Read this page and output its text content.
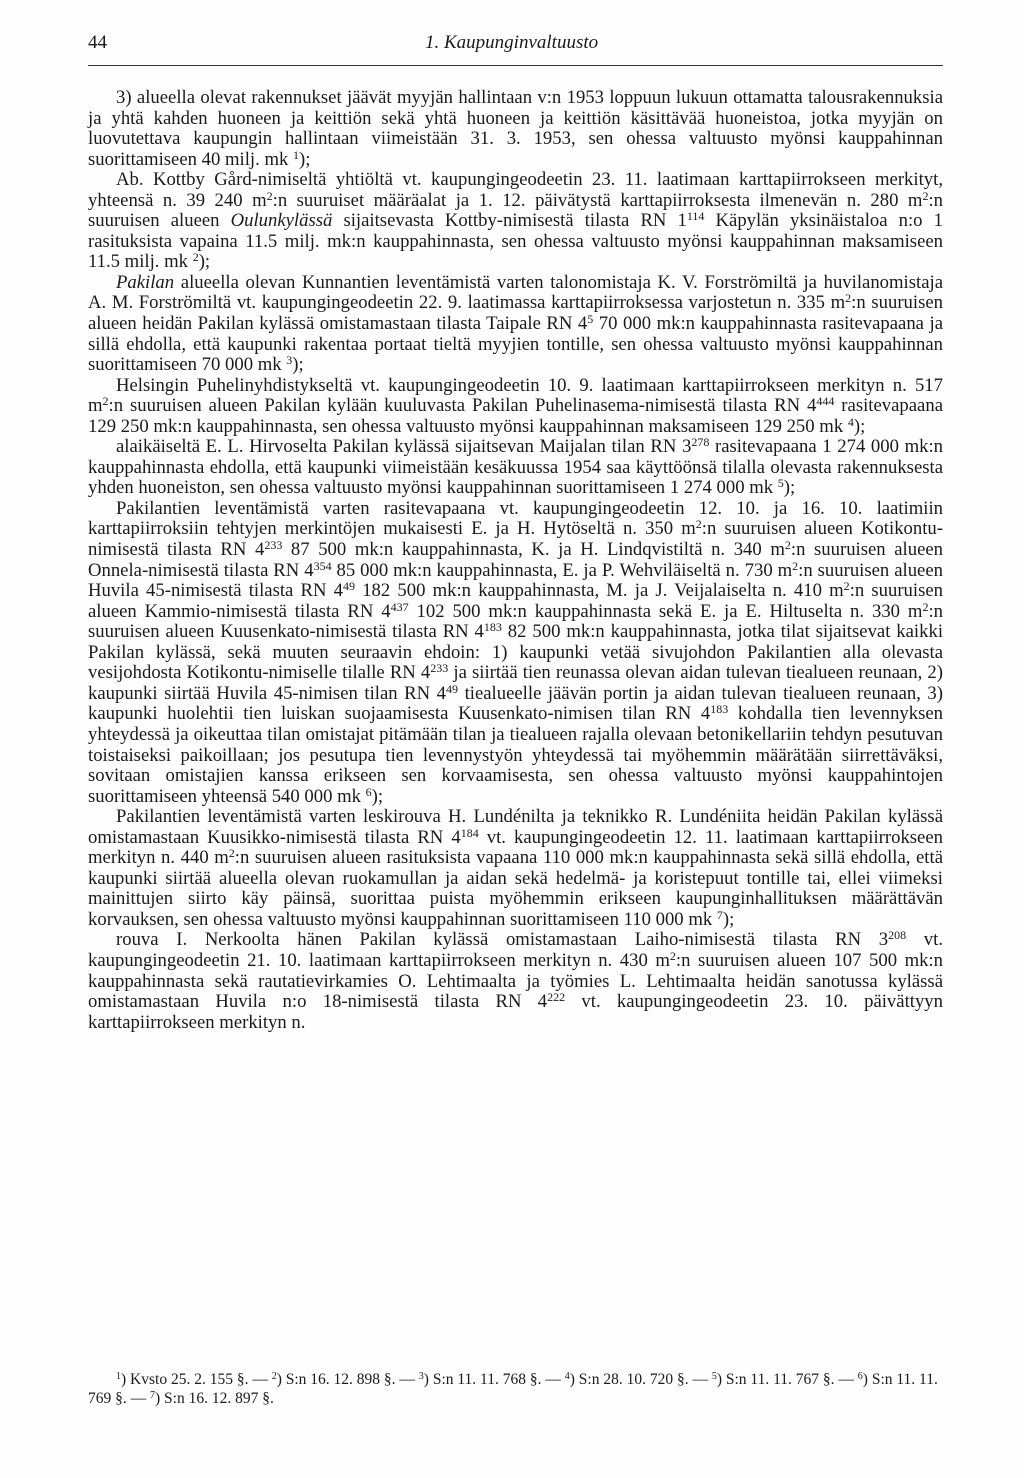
44	1. Kaupunginvaltuusto

3) alueella olevat rakennukset jäävät myyjän hallintaan v:n 1953 loppuun lukuun ottamatta talousrakennuksia ja yhtä kahden huoneen ja keittiön sekä yhtä huoneen ja keittiön käsittävää huoneistoa, jotka myyjän on luovutettava kaupungin hallintaan viimeistään 31. 3. 1953, sen ohessa valtuusto myönsi kauppahinnan suorittamiseen 40 milj. mk $^1$);

Ab. Kottby Gård-nimiseltä yhtiöltä vt. kaupungingeodeetin 23. 11. laatimaan karttapiirrokseen merkityt, yhteensä n. 39 240 $m^2:n$ suuruiset määräalat ja 1. 12. päivätystä karttapiirroksesta ilmenevän n. 280 $m^2:n$ suuruisen alueen Oulunkylässä sijaitsevasta Kottby-nimisestä tilasta RN $1^{114}$ Käpylän yksinäistaloa n:o 1 rasituksista vapaina 11.5 milj. mk:n kauppahinnasta, sen ohessa valtuusto myönsi kauppahinnan maksamiseen 11.5 milj. mk $^2$);

Pakilan alueella olevan Kunnantien leventämistä varten talonomistaja K. V. Forströmiltä ja huvilanomistaja A. M. Forströmiltä vt. kaupungingeodeetin 22. 9. laatimassa karttapiirroksessa varjostetun n. 335 $m^2:n$ suuruisen alueen heidän Pakilan kylässä omistamastaan tilasta Taipale RN $4^5$ 70 000 mk:n kauppahinnasta rasitevapaana ja sillä ehdolla, että kaupunki rakentaa portaat tieltä myyjien tontille, sen ohessa valtuusto myönsi kauppahinnan suorittamiseen 70 000 mk $^3$);

Helsingin Puhelinyhdistykseltä vt. kaupungingeodeetin 10. 9. laatimaan karttapiirrokseen merkityn n. 517 $m^2:n$ suuruisen alueen Pakilan kylään kuuluvasta Pakilan Puhelinasema-nimisestä tilasta RN $4^{444}$ rasitevapaana 129 250 mk:n kauppahinnasta, sen ohessa valtuusto myönsi kauppahinnan maksamiseen 129 250 mk $^4$);

alaikäiseltä E. L. Hirvoselta Pakilan kylässä sijaitsevan Maijalan tilan RN $3^{278}$ rasitevapaana 1 274 000 mk:n kauppahinnasta ehdolla, että kaupunki viimeistään kesäkuussa 1954 saa käyttöönsä tilalla olevasta rakennuksesta yhden huoneiston, sen ohessa valtuusto myönsi kauppahinnan suorittamiseen 1 274 000 mk $^5$);

Pakilantien leventämistä varten rasitevapaana vt. kaupungingeodeetin 12. 10. ja 16. 10. laatimiin karttapiirroksiin tehtyjen merkintöjen mukaisesti E. ja H. Hytöseltä n. 350 $m^2:n$ suuruisen alueen Kotikontu-nimisestä tilasta RN $4^{233}$ 87 500 mk:n kauppahinnasta, K. ja H. Lindqvistiltä n. 340 $m^2:n$ suuruisen alueen Onnela-nimisestä tilasta RN $4^{354}$ 85 000 mk:n kauppahinnasta, E. ja P. Wehviläiseltä n. 730 $m^2:n$ suuruisen alueen Huvila 45-nimisestä tilasta RN $4^{49}$ 182 500 mk:n kauppahinnasta, M. ja J. Veijalaiselta n. 410 $m^2:n$ suuruisen alueen Kammio-nimisestä tilasta RN $4^{437}$ 102 500 mk:n kauppahinnasta sekä E. ja E. Hiltuselta n. 330 $m^2:n$ suuruisen alueen Kuusenkato-nimisestä tilasta RN $4^{183}$ 82 500 mk:n kauppahinnasta, jotka tilat sijaitsevat kaikki Pakilan kylässä, sekä muuten seuraavin ehdoin: 1) kaupunki vetää sivujohdon Pakilantien alla olevasta vesijohdosta Kotikontu-nimiselle tilalle RN $4^{233}$ ja siirtää tien reunassa olevan aidan tulevan tiealueen reunaan, 2) kaupunki siirtää Huvila 45-nimisen tilan RN $4^{49}$ tiealueelle jäävän portin ja aidan tulevan tiealueen reunaan, 3) kaupunki huolehtii tien luiskan suojaamisesta Kuusenkato-nimisen tilan RN $4^{183}$ kohdalla tien levennyksen yhteydessä ja oikeuttaa tilan omistajat pitämään tilan ja tiealueen rajalla olevaan betonikellariin tehdyn pesutuvan toistaiseksi paikoillaan; jos pesutupa tien levennystyön yhteydessä tai myöhemmin määrätään siirrettäväksi, sovitaan omistajien kanssa erikseen sen korvaamisesta, sen ohessa valtuusto myönsi kauppahintojen suorittamiseen yhteensä 540 000 mk $^6$);

Pakilantien leventämistä varten leskirouva H. Lundénilta ja teknikko R. Lundéniita heidän Pakilan kylässä omistamastaan Kuusikko-nimisestä tilasta RN $4^{184}$ vt. kaupungingeodeetin 12. 11. laatimaan karttapiirrokseen merkityn n. 440 $m^2:n$ suuruisen alueen rasituksista vapaana 110 000 mk:n kauppahinnasta sekä sillä ehdolla, että kaupunki siirtää alueella olevan ruokamullan ja aidan sekä hedelmä- ja koristepuut tontille tai, ellei viimeksi mainittujen siirto käy päinsä, suorittaa puista myöhemmin erikseen kaupunginhallituksen määrättävän korvauksen, sen ohessa valtuusto myönsi kauppahinnan suorittamiseen 110 000 mk $^7$);

rouva I. Nerkoolta hänen Pakilan kylässä omistamastaan Laiho-nimisestä tilasta RN $3^{208}$ vt. kaupungingeodeetin 21. 10. laatimaan karttapiirrokseen merkityn n. 430 $m^2:n$ suuruisen alueen 107 500 mk:n kauppahinnasta sekä rautatievirkamies O. Lehtimaalta ja työmies L. Lehtimaalta heidän sanotussa kylässä omistamastaan Huvila n:o 18-nimisestä tilasta RN $4^{222}$ vt. kaupungingeodeetin 23. 10. päivättyyn karttapiirrokseen merkityn n.

$^1$) Kvsto 25. 2. 155 §. — $^2$) S:n 16. 12. 898 §. — $^3$) S:n 11. 11. 768 §. — $^4$) S:n 28. 10. 720 §. — $^5$) S:n 11. 11. 767 §. — $^6$) S:n 11. 11. 769 §. — $^7$) S:n 16. 12. 897 §.
